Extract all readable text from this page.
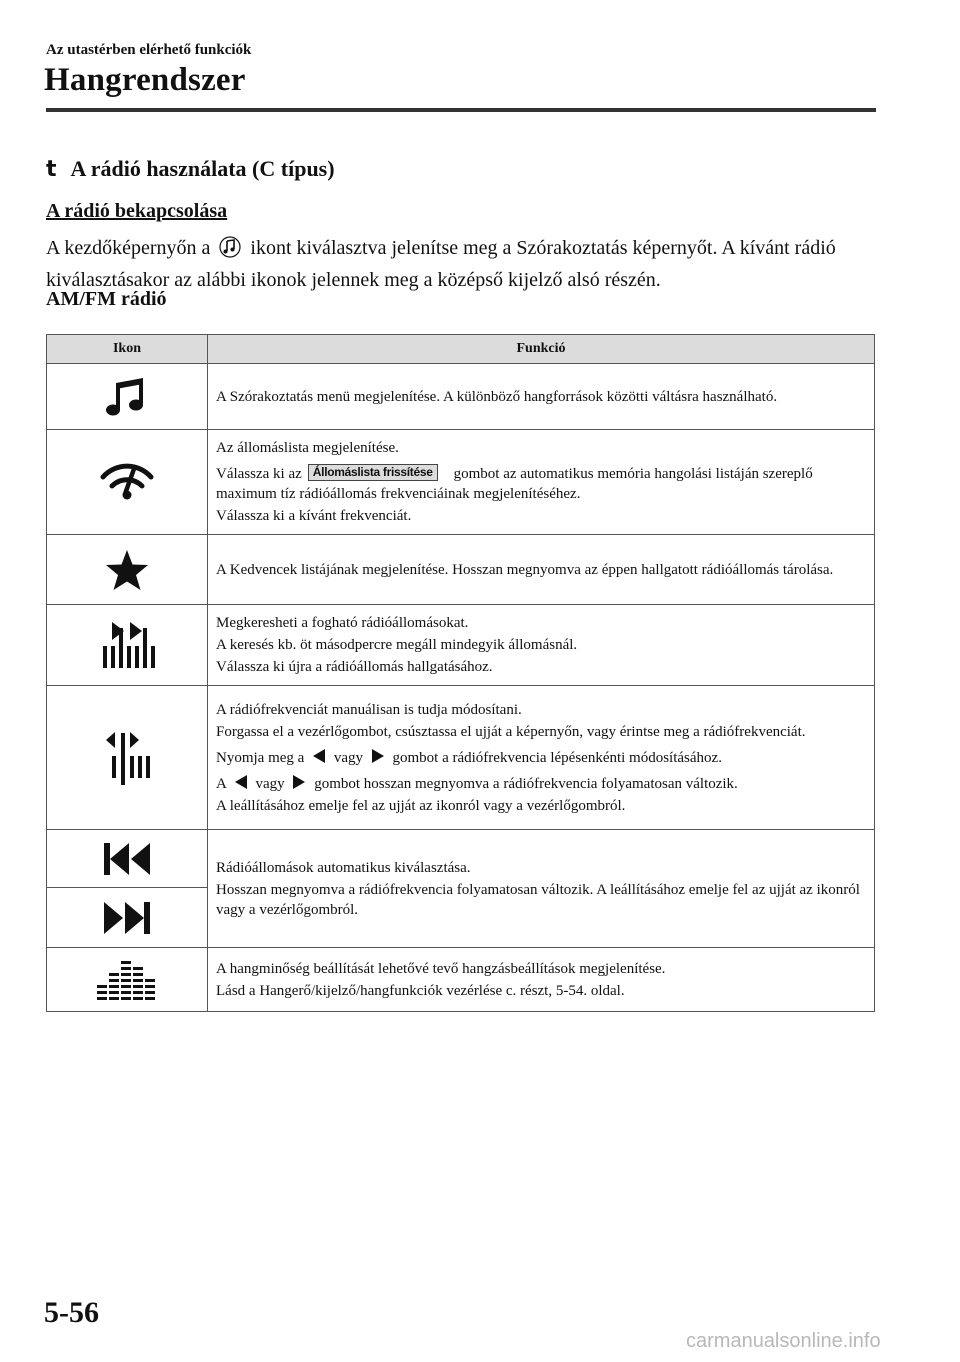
Az utastérben elérhető funkciók
Hangrendszer
t A rádió használata (C típus)
A rádió bekapcsolása
A kezdőképernyőn a ikont kiválasztva jelenítse meg a Szórakoztatás képernyőt. A kívánt rádió kiválasztásakor az alábbi ikonok jelennek meg a középső kijelző alsó részén.
AM/FM rádió
Ikon	Funkció

A Szórakoztatás menü megjelenítése. A különböző hangforrások közötti váltásra használható.

Az állomáslista megjelenítése.
Válassza ki az Állomáslista frissítése gombot az automatikus memória hangolási listáján szereplő maximum tíz rádióállomás frekvenciáinak megjelenítéséhez.
Válassza ki a kívánt frekvenciát.

A Kedvencek listájának megjelenítése. Hosszan megnyomva az éppen hallgatott rádióállomás tárolása.

Megkeresheti a fogható rádióállomásokat.
A keresés kb. öt másodpercre megáll mindegyik állomásnál.
Válassza ki újra a rádióállomás hallgatásához.

A rádiófrekvenciát manuálisan is tudja módosítani.
Forgassa el a vezérlőgombot, csúsztassa el ujját a képernyőn, vagy érintse meg a rádiófrekvenciát.
Nyomja meg a vagy gombot a rádiófrekvencia lépésenkénti módosításához.
A vagy gombot hosszan megnyomva a rádiófrekvencia folyamatosan változik.
A leállításához emelje fel az ujját az ikonról vagy a vezérlőgombról.

Rádióállomások automatikus kiválasztása.
Hosszan megnyomva a rádiófrekvencia folyamatosan változik. A leállításához emelje fel az ujját az ikonról vagy a vezérlőgombról.

A hangminőség beállítását lehetővé tevő hangzásbeállítások megjelenítése.
Lásd a Hangerő/kijelző/hangfunkciók vezérlése c. részt, 5-54. oldal.
5-56
carmanualsonline.info
